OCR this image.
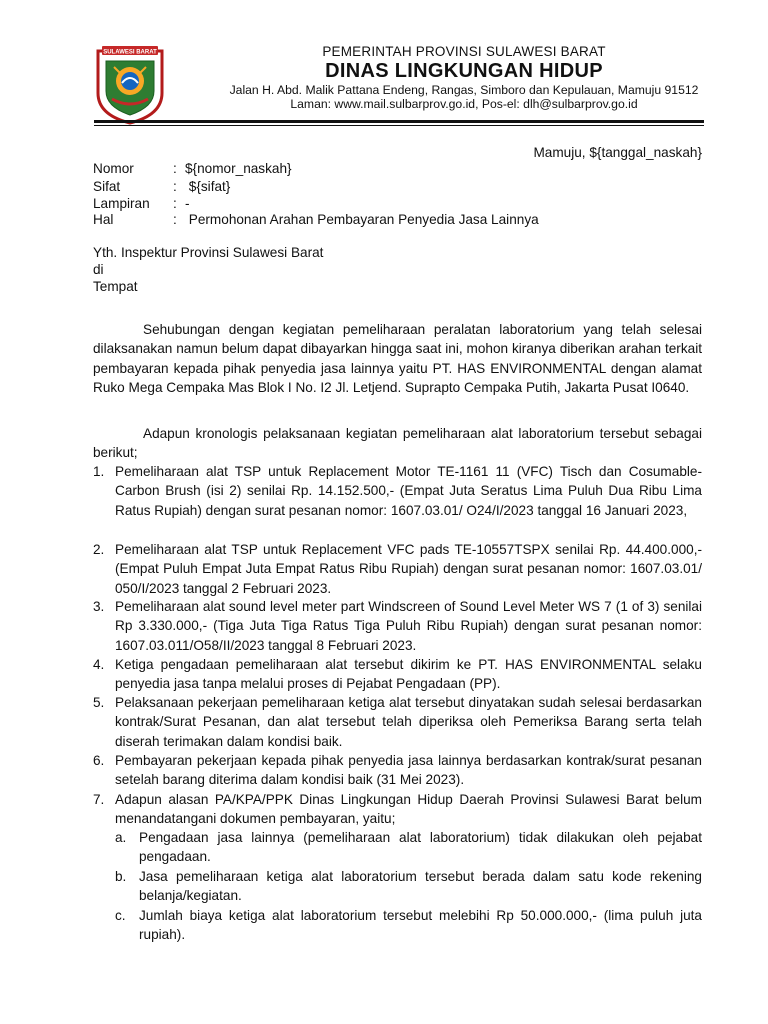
SULAWESI BARAT	PEMERINTAH PROVINSI SULAWESI BARAT
DINAS LINGKUNGAN HIDUP
Jalan H. Abd. Malik Pattana Endeng, Rangas, Simboro dan Kepulauan, Mamuju 91512
Laman: www.mail.sulbarprov.go.id, Pos-el: dlh@sulbarprov.go.id
Mamuju, ${tanggal_naskah}
Nomor	: ${nomor_naskah}
Sifat	: ${sifat}
Lampiran : -
Hal	: Permohonan Arahan Pembayaran Penyedia Jasa Lainnya
Yth. Inspektur Provinsi Sulawesi Barat
di
Tempat
Sehubungan dengan kegiatan pemeliharaan peralatan laboratorium yang telah selesai dilaksanakan namun belum dapat dibayarkan hingga saat ini, mohon kiranya diberikan arahan terkait pembayaran kepada pihak penyedia jasa lainnya yaitu PT. HAS ENVIRONMENTAL dengan alamat Ruko Mega Cempaka Mas Blok I No. I2 Jl. Letjend. Suprapto Cempaka Putih, Jakarta Pusat I0640.
Adapun kronologis pelaksanaan kegiatan pemeliharaan alat laboratorium tersebut sebagai berikut;
1. Pemeliharaan alat TSP untuk Replacement Motor TE-1161 11 (VFC) Tisch dan Cosumable-Carbon Brush (isi 2) senilai Rp. 14.152.500,- (Empat Juta Seratus Lima Puluh Dua Ribu Lima Ratus Rupiah) dengan surat pesanan nomor: 1607.03.01/ O24/I/2023 tanggal 16 Januari 2023,
2. Pemeliharaan alat TSP untuk Replacement VFC pads TE-10557TSPX senilai Rp. 44.400.000,- (Empat Puluh Empat Juta Empat Ratus Ribu Rupiah) dengan surat pesanan nomor: 1607.03.01/ 050/I/2023 tanggal 2 Februari 2023.
3. Pemeliharaan alat sound level meter part Windscreen of Sound Level Meter WS 7 (1 of 3) senilai Rp 3.330.000,- (Tiga Juta Tiga Ratus Tiga Puluh Ribu Rupiah) dengan surat pesanan nomor: 1607.03.011/O58/II/2023 tanggal 8 Februari 2023.
4. Ketiga pengadaan pemeliharaan alat tersebut dikirim ke PT. HAS ENVIRONMENTAL selaku penyedia jasa tanpa melalui proses di Pejabat Pengadaan (PP).
5. Pelaksanaan pekerjaan pemeliharaan ketiga alat tersebut dinyatakan sudah selesai berdasarkan kontrak/Surat Pesanan, dan alat tersebut telah diperiksa oleh Pemeriksa Barang serta telah diserah terimakan dalam kondisi baik.
6. Pembayaran pekerjaan kepada pihak penyedia jasa lainnya berdasarkan kontrak/surat pesanan setelah barang diterima dalam kondisi baik (31 Mei 2023).
7. Adapun alasan PA/KPA/PPK Dinas Lingkungan Hidup Daerah Provinsi Sulawesi Barat belum menandatangani dokumen pembayaran, yaitu;
a. Pengadaan jasa lainnya (pemeliharaan alat laboratorium) tidak dilakukan oleh pejabat pengadaan.
b. Jasa pemeliharaan ketiga alat laboratorium tersebut berada dalam satu kode rekening belanja/kegiatan.
c. Jumlah biaya ketiga alat laboratorium tersebut melebihi Rp 50.000.000,- (lima puluh juta rupiah).
